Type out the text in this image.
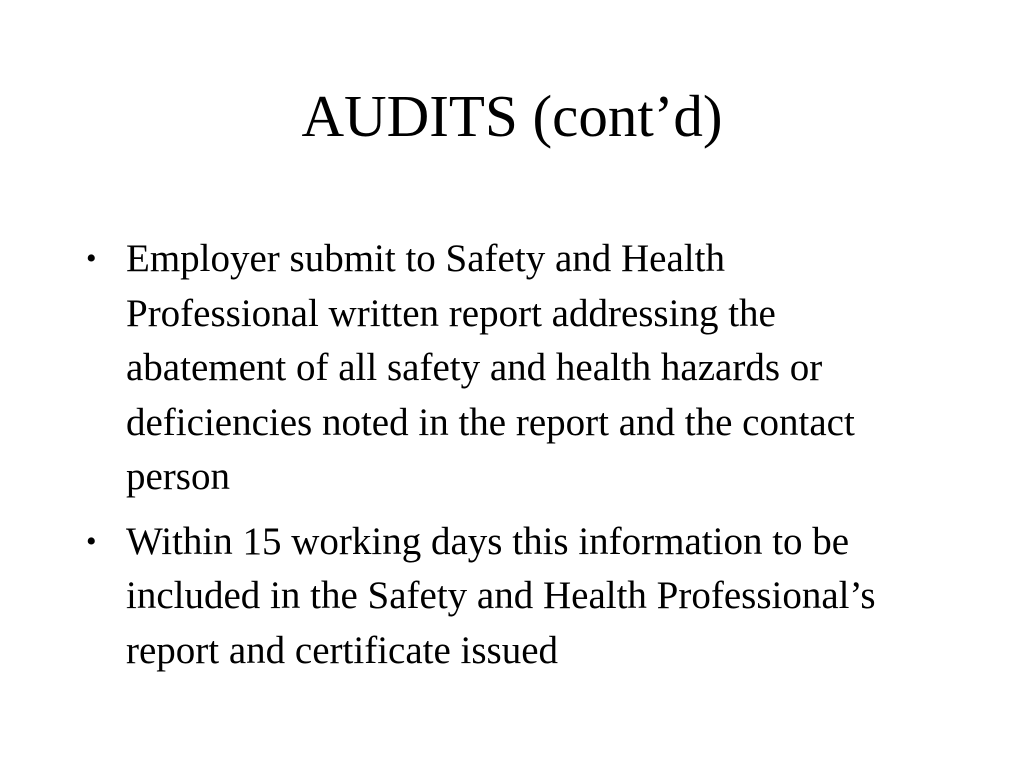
AUDITS (cont’d)
• Employer submit to Safety and Health Professional written report addressing the abatement of all safety and health hazards or deficiencies noted in the report and the contact person
• Within 15 working days this information to be included in the Safety and Health Professional’s report and certificate issued
